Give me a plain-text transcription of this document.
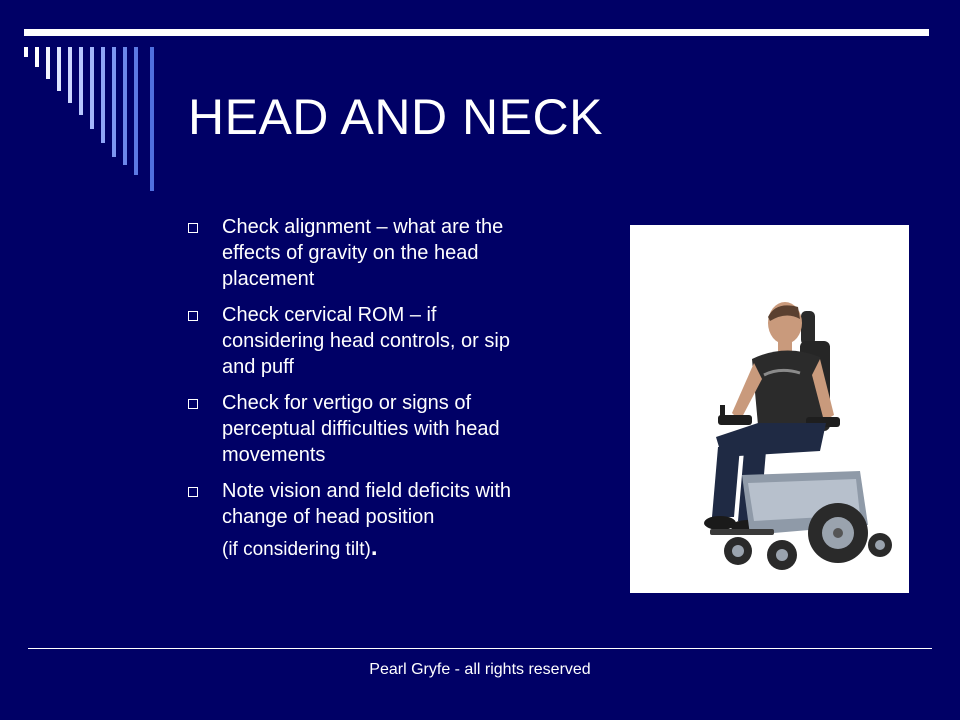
HEAD AND NECK
Check alignment – what are the effects of gravity on the head placement
Check cervical ROM – if considering head controls, or sip and puff
Check for vertigo or signs of perceptual difficulties with head movements
Note vision and field deficits with change of head position
(if considering tilt).
Pearl Gryfe - all rights reserved
